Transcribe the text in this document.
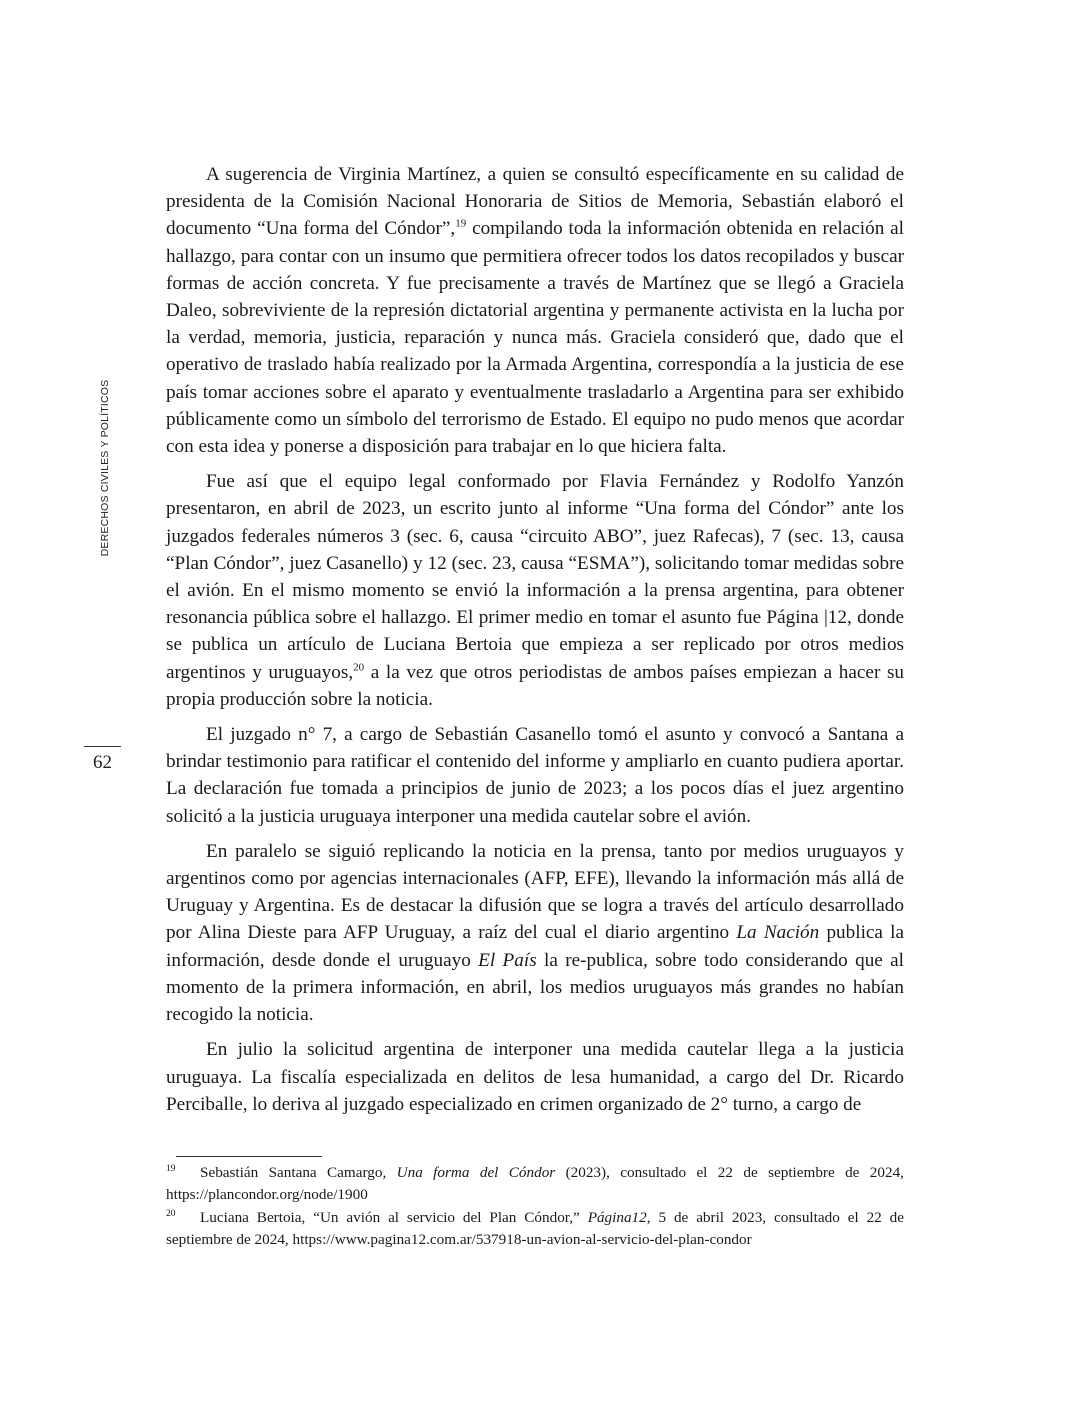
DERECHOS CIVILES Y POLÍTICOS
62

A sugerencia de Virginia Martínez, a quien se consultó específicamente en su calidad de presidenta de la Comisión Nacional Honoraria de Sitios de Memoria, Sebastián elaboró el documento “Una forma del Cóndor”,$^{19}$ compilando toda la información obtenida en relación al hallazgo, para contar con un insumo que permitiera ofrecer todos los datos recopilados y buscar formas de acción concreta. Y fue precisamente a través de Martínez que se llegó a Graciela Daleo, sobreviviente de la represión dictatorial argentina y permanente activista en la lucha por la verdad, memoria, justicia, reparación y nunca más. Graciela consideró que, dado que el operativo de traslado había realizado por la Armada Argentina, correspondía a la justicia de ese país tomar acciones sobre el aparato y eventualmente trasladarlo a Argentina para ser exhibido públicamente como un símbolo del terrorismo de Estado. El equipo no pudo menos que acordar con esta idea y ponerse a disposición para trabajar en lo que hiciera falta.

Fue así que el equipo legal conformado por Flavia Fernández y Rodolfo Yanzón presentaron, en abril de 2023, un escrito junto al informe “Una forma del Cóndor” ante los juzgados federales números 3 (sec. 6, causa “circuito ABO”, juez Rafecas), 7 (sec. 13, causa “Plan Cóndor”, juez Casanello) y 12 (sec. 23, causa “ESMA”), solicitando tomar medidas sobre el avión. En el mismo momento se envió la información a la prensa argentina, para obtener resonancia pública sobre el hallazgo. El primer medio en tomar el asunto fue Página |12, donde se publica un artículo de Luciana Bertoia que empieza a ser replicado por otros medios argentinos y uruguayos,$^{20}$ a la vez que otros periodistas de ambos países empiezan a hacer su propia producción sobre la noticia.

El juzgado n° 7, a cargo de Sebastián Casanello tomó el asunto y convocó a Santana a brindar testimonio para ratificar el contenido del informe y ampliarlo en cuanto pudiera aportar. La declaración fue tomada a principios de junio de 2023; a los pocos días el juez argentino solicitó a la justicia uruguaya interponer una medida cautelar sobre el avión.

En paralelo se siguió replicando la noticia en la prensa, tanto por medios uruguayos y argentinos como por agencias internacionales (AFP, EFE), llevando la información más allá de Uruguay y Argentina. Es de destacar la difusión que se logra a través del artículo desarrollado por Alina Dieste para AFP Uruguay, a raíz del cual el diario argentino La Nación publica la información, desde donde el uruguayo El País la re-publica, sobre todo considerando que al momento de la primera información, en abril, los medios uruguayos más grandes no habían recogido la noticia.

En julio la solicitud argentina de interponer una medida cautelar llega a la justicia uruguaya. La fiscalía especializada en delitos de lesa humanidad, a cargo del Dr. Ricardo Perciballe, lo deriva al juzgado especializado en crimen organizado de 2° turno, a cargo de

19 Sebastián Santana Camargo, Una forma del Cóndor (2023), consultado el 22 de septiembre de 2024, https://plancondor.org/node/1900

20 Luciana Bertoia, “Un avión al servicio del Plan Cóndor,” Página12, 5 de abril 2023, consultado el 22 de septiembre de 2024, https://www.pagina12.com.ar/537918-un-avion-al-servicio-del-plan-condor
